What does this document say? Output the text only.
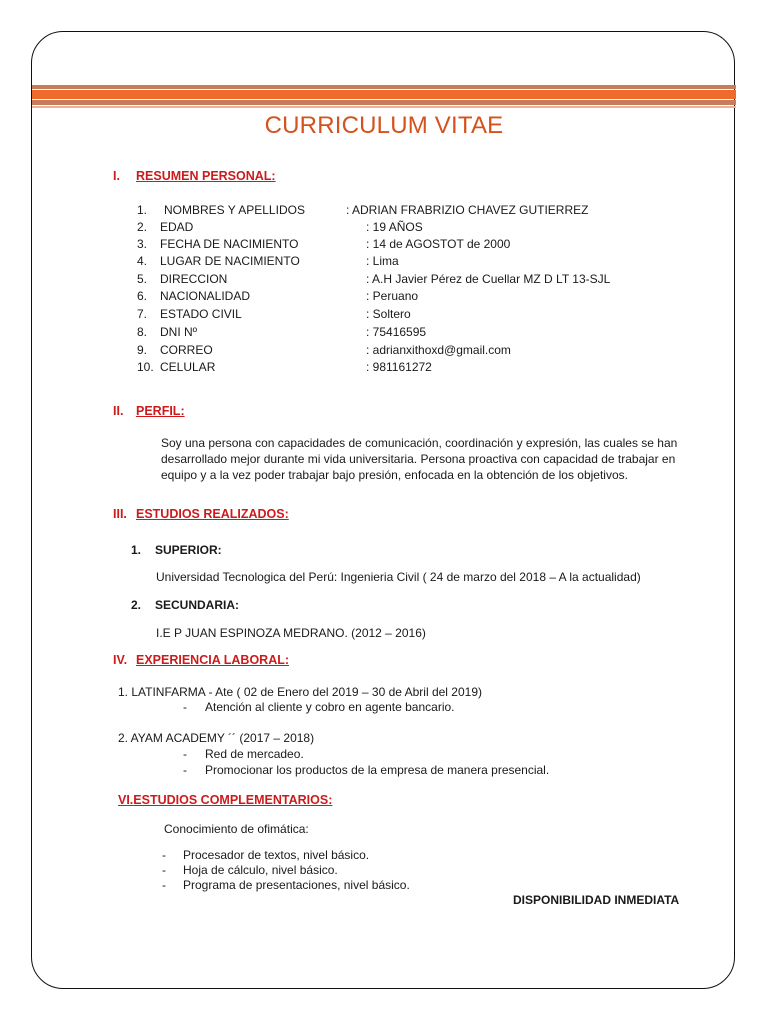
CURRICULUM VITAE
I. RESUMEN PERSONAL:
1. NOMBRES Y APELLIDOS	: ADRIAN FRABRIZIO CHAVEZ GUTIERREZ
2. EDAD	: 19 AÑOS
3. FECHA DE NACIMIENTO	: 14 de AGOSTOT de 2000
4. LUGAR DE NACIMIENTO	: Lima
5. DIRECCION	: A.H Javier Pérez de Cuellar MZ D LT 13-SJL
6. NACIONALIDAD	: Peruano
7. ESTADO CIVIL	: Soltero
8. DNI Nº	: 75416595
9. CORREO	: adrianxithoxd@gmail.com
10. CELULAR	: 981161272
II. PERFIL:
Soy una persona con capacidades de comunicación, coordinación y expresión, las cuales se han desarrollado mejor durante mi vida universitaria. Persona proactiva con capacidad de trabajar en equipo y a la vez poder trabajar bajo presión, enfocada en la obtención de los objetivos.
III. ESTUDIOS REALIZADOS:
1. SUPERIOR:
Universidad Tecnologica del Perú: Ingenieria Civil ( 24 de marzo del 2018 – A la actualidad)
2. SECUNDARIA:
I.E P JUAN ESPINOZA MEDRANO. (2012 – 2016)
IV. EXPERIENCIA LABORAL:
1. LATINFARMA - Ate ( 02 de Enero del 2019 – 30 de Abril del 2019)
- Atención al cliente y cobro en agente bancario.
2. AYAM ACADEMY ´´ (2017 – 2018)
- Red de mercadeo.
- Promocionar los productos de la empresa de manera presencial.
VI.ESTUDIOS COMPLEMENTARIOS:
Conocimiento de ofimática:
- Procesador de textos, nivel básico.
- Hoja de cálculo, nivel básico.
- Programa de presentaciones, nivel básico.
DISPONIBILIDAD INMEDIATA
